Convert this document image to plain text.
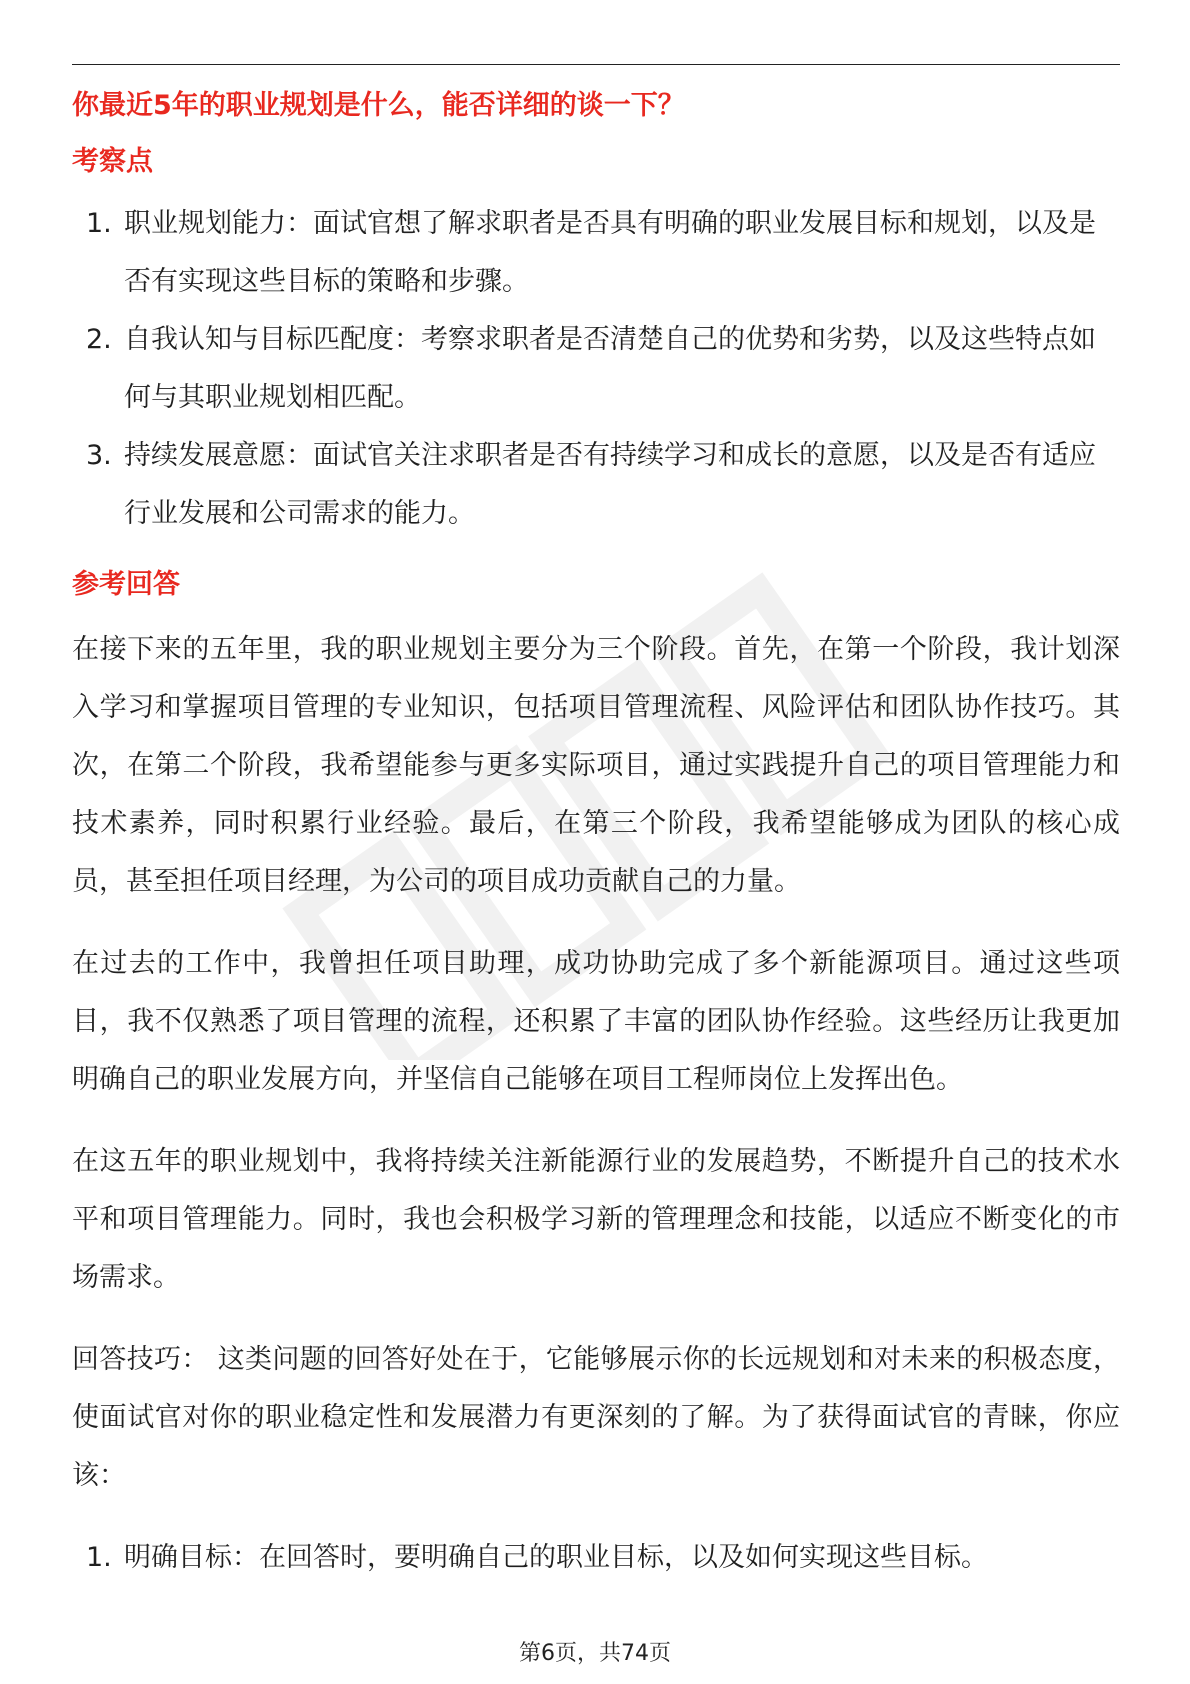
你最近5年的职业规划是什么，能否详细的谈一下？

考察点
1. 职业规划能力：面试官想了解求职者是否具有明确的职业发展目标和规划，以及是否有实现这些目标的策略和步骤。
2. 自我认知与目标匹配度：考察求职者是否清楚自己的优势和劣势，以及这些特点如何与其职业规划相匹配。
3. 持续发展意愿：面试官关注求职者是否有持续学习和成长的意愿，以及是否有适应行业发展和公司需求的能力。
参考回答

在接下来的五年里，我的职业规划主要分为三个阶段。首先，在第一个阶段，我计划深入学习和掌握项目管理的专业知识，包括项目管理流程、风险评估和团队协作技巧。其次，在第二个阶段，我希望能参与更多实际项目，通过实践提升自己的项目管理能力和技术素养，同时积累行业经验。最后，在第三个阶段，我希望能够成为团队的核心成员，甚至担任项目经理，为公司的项目成功贡献自己的力量。

在过去的工作中，我曾担任项目助理，成功协助完成了多个新能源项目。通过这些项目，我不仅熟悉了项目管理的流程，还积累了丰富的团队协作经验。这些经历让我更加明确自己的职业发展方向，并坚信自己能够在项目工程师岗位上发挥出色。

在这五年的职业规划中，我将持续关注新能源行业的发展趋势，不断提升自己的技术水平和项目管理能力。同时，我也会积极学习新的管理理念和技能，以适应不断变化的市场需求。

回答技巧： 这类问题的回答好处在于，它能够展示你的长远规划和对未来的积极态度，使面试官对你的职业稳定性和发展潜力有更深刻的了解。为了获得面试官的青睐，你应该：

1. 明确目标：在回答时，要明确自己的职业目标，以及如何实现这些目标。
第6页，共74页
